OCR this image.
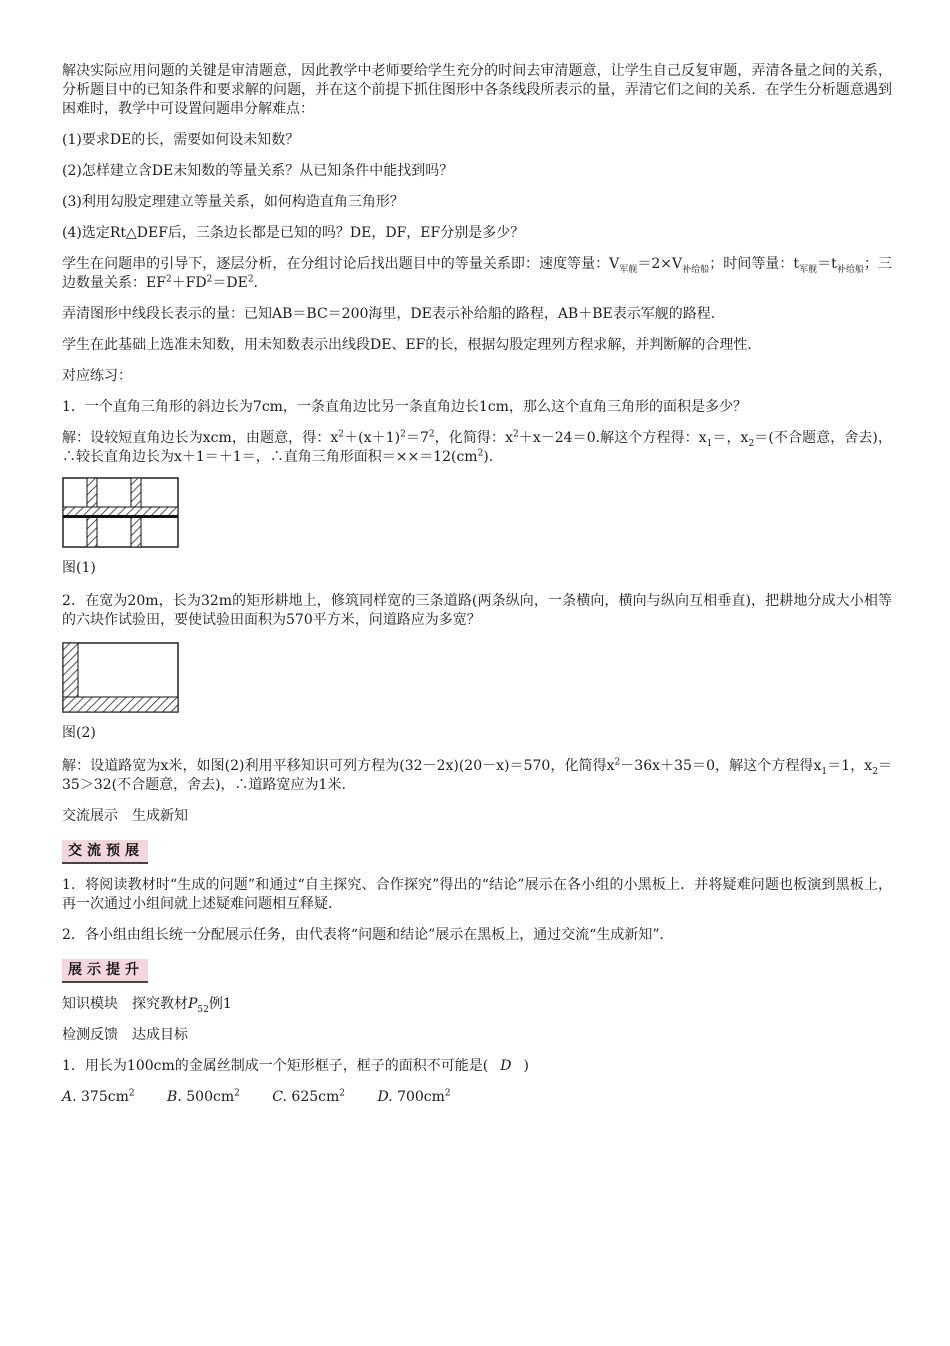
解决实际应用问题的关键是审清题意，因此教学中老师要给学生充分的时间去审清题意，让学生自己反复审题，弄清各量之间的关系，分析题目中的已知条件和要求解的问题，并在这个前提下抓住图形中各条线段所表示的量，弄清它们之间的关系．在学生分析题意遇到困难时，教学中可设置问题串分解难点：

(1)要求DE的长，需要如何设未知数？

(2)怎样建立含DE未知数的等量关系？从已知条件中能找到吗？

(3)利用勾股定理建立等量关系，如何构造直角三角形？

(4)选定Rt△DEF后，三条边长都是已知的吗？DE，DF，EF分别是多少？

学生在问题串的引导下，逐层分析，在分组讨论后找出题目中的等量关系即：速度等量：$V_{军舰}=2\times V_{补给船}$；时间等量：$t_{军舰}=t_{补给船}$；三边数量关系：$EF^2+FD^2=DE^2$.

弄清图形中线段长表示的量：已知AB＝BC＝200海里，DE表示补给船的路程，AB＋BE表示军舰的路程．

学生在此基础上选准未知数，用未知数表示出线段DE、EF的长，根据勾股定理列方程求解，并判断解的合理性．

对应练习：

1．一个直角三角形的斜边长为7cm，一条直角边比另一条直角边长1cm，那么这个直角三角形的面积是多少？

解：设较短直角边长为xcm，由题意，得：$x^2+(x+1)^2=7^2$，化简得：$x^2+x-24=0$.解这个方程得：$x_1=$，$x_2=$(不合题意，舍去)，∴较长直角边长为x＋1＝＋1＝，∴直角三角形面积$=\times\times=12(cm^2)$.

图(1)

2．在宽为20m，长为32m的矩形耕地上，修筑同样宽的三条道路(两条纵向，一条横向，横向与纵向互相垂直)，把耕地分成大小相等的六块作试验田，要使试验田面积为570平方米，问道路应为多宽？

图(2)

解：设道路宽为x米，如图(2)利用平移知识可列方程为(32－2x)(20－x)＝570，化简得$x^2-36x+35=0$，解这个方程得$x_1=1$，$x_2=35>32$(不合题意，舍去)，∴道路宽应为1米.

交流展示　生成新知

交流预展

1．将阅读教材时“生成的问题”和通过“自主探究、合作探究”得出的“结论”展示在各小组的小黑板上．并将疑难问题也板演到黑板上，再一次通过小组间就上述疑难问题相互释疑．

2．各小组由组长统一分配展示任务，由代表将“问题和结论”展示在黑板上，通过交流“生成新知”．

展示提升

知识模块　探究教材$P_{52}$例1

检测反馈　达成目标

1．用长为100cm的金属丝制成一个矩形框子，框子的面积不可能是( D )

A. $375cm^2$ B. $500cm^2$ C. $625cm^2$ D. $700cm^2$
